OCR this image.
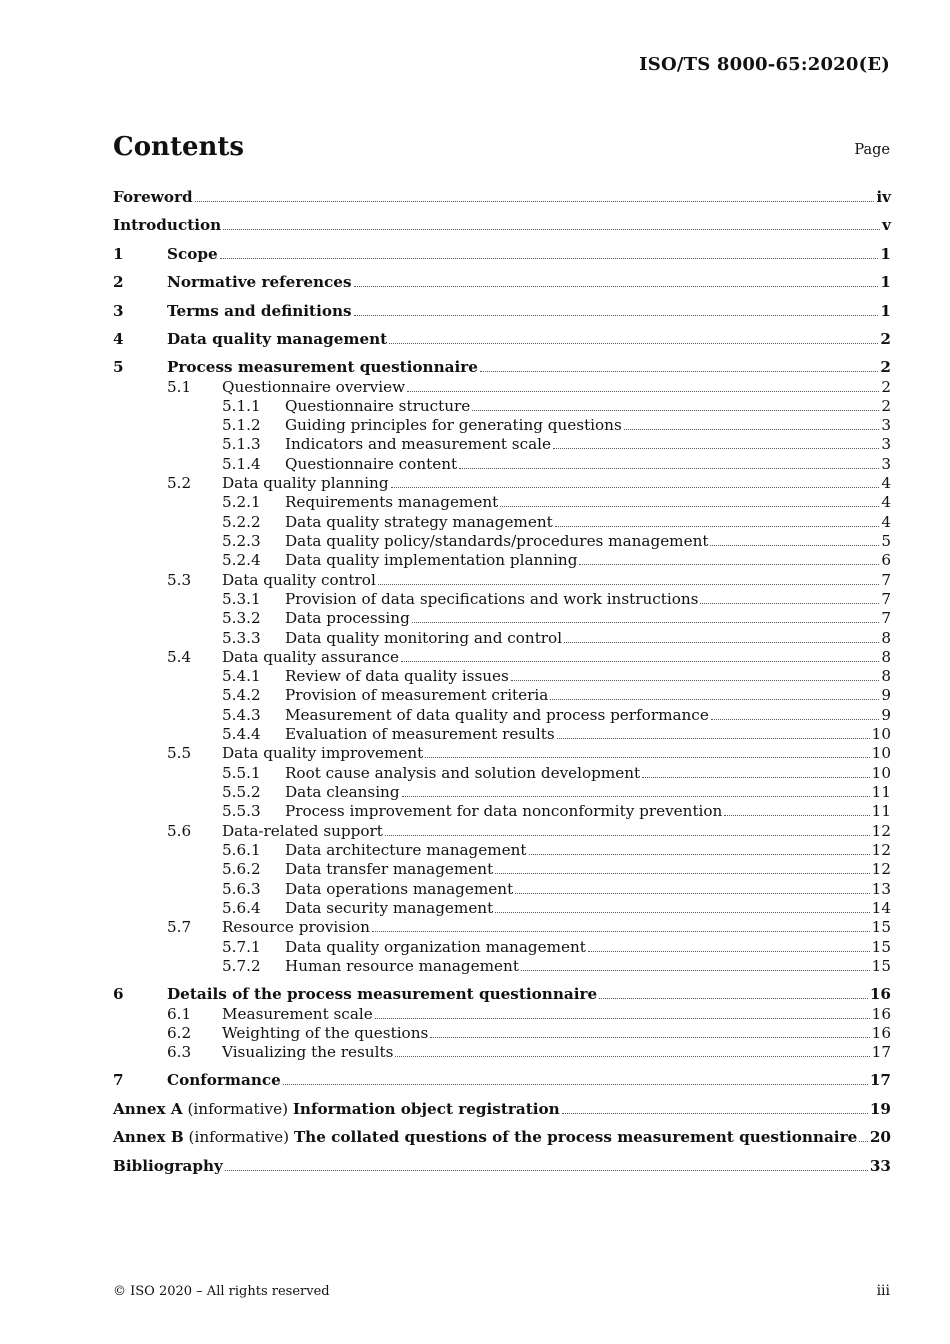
ISO/TS 8000-65:2020(E)
Contents	Page
Foreword	iv
Introduction	v
1	Scope	1
2	Normative references	1
3	Terms and definitions	1
4	Data quality management	2
5	Process measurement questionnaire	2
5.1	Questionnaire overview	2
5.1.1	Questionnaire structure	2
5.1.2	Guiding principles for generating questions	3
5.1.3	Indicators and measurement scale	3
5.1.4	Questionnaire content	3
5.2	Data quality planning	4
5.2.1	Requirements management	4
5.2.2	Data quality strategy management	4
5.2.3	Data quality policy/standards/procedures management	5
5.2.4	Data quality implementation planning	6
5.3	Data quality control	7
5.3.1	Provision of data specifications and work instructions	7
5.3.2	Data processing	7
5.3.3	Data quality monitoring and control	8
5.4	Data quality assurance	8
5.4.1	Review of data quality issues	8
5.4.2	Provision of measurement criteria	9
5.4.3	Measurement of data quality and process performance	9
5.4.4	Evaluation of measurement results	10
5.5	Data quality improvement	10
5.5.1	Root cause analysis and solution development	10
5.5.2	Data cleansing	11
5.5.3	Process improvement for data nonconformity prevention	11
5.6	Data-related support	12
5.6.1	Data architecture management	12
5.6.2	Data transfer management	12
5.6.3	Data operations management	13
5.6.4	Data security management	14
5.7	Resource provision	15
5.7.1	Data quality organization management	15
5.7.2	Human resource management	15
6	Details of the process measurement questionnaire	16
6.1	Measurement scale	16
6.2	Weighting of the questions	16
6.3	Visualizing the results	17
7	Conformance	17
Annex A (informative) Information object registration	19
Annex B (informative) The collated questions of the process measurement questionnaire 20
Bibliography	33
© ISO 2020 – All rights reserved	iii
